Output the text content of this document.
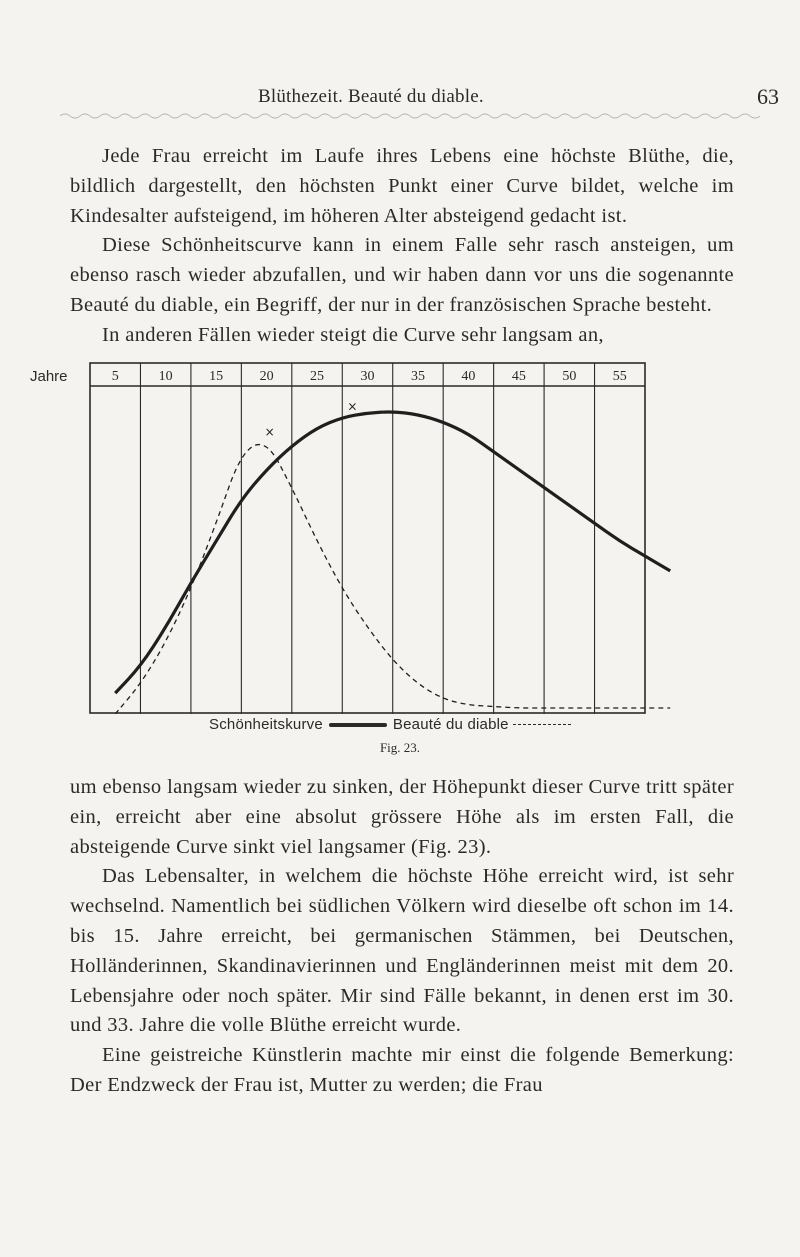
Blüthezeit. Beauté du diable.	63

Jede Frau erreicht im Laufe ihres Lebens eine höchste Blüthe, die, bildlich dargestellt, den höchsten Punkt einer Curve bildet, welche im Kindesalter aufsteigend, im höheren Alter absteigend gedacht ist.

Diese Schönheitscurve kann in einem Falle sehr rasch ansteigen, um ebenso rasch wieder abzufallen, und wir haben dann vor uns die sogenannte Beauté du diable, ein Begriff, der nur in der französischen Sprache besteht.

In anderen Fällen wieder steigt die Curve sehr langsam an,

5	10	15	20	25	30	35	40	45	50	55
×
×
Jahre
Schönheitskurve	Beauté du diable
Fig. 23.

um ebenso langsam wieder zu sinken, der Höhepunkt dieser Curve tritt später ein, erreicht aber eine absolut grössere Höhe als im ersten Fall, die absteigende Curve sinkt viel langsamer (Fig. 23).

Das Lebensalter, in welchem die höchste Höhe erreicht wird, ist sehr wechselnd. Namentlich bei südlichen Völkern wird dieselbe oft schon im 14. bis 15. Jahre erreicht, bei germanischen Stämmen, bei Deutschen, Holländerinnen, Skandinavierinnen und Engländerinnen meist mit dem 20. Lebensjahre oder noch später. Mir sind Fälle bekannt, in denen erst im 30. und 33. Jahre die volle Blüthe erreicht wurde.

Eine geistreiche Künstlerin machte mir einst die folgende Bemerkung: Der Endzweck der Frau ist, Mutter zu werden; die Frau
